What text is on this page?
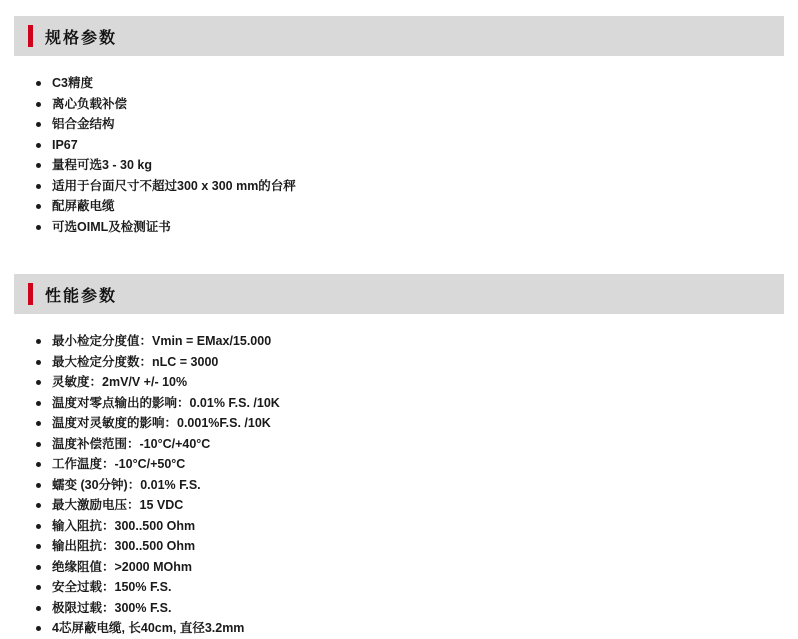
规格参数
C3精度
离心负载补偿
铝合金结构
IP67
量程可选3 - 30 kg
适用于台面尺寸不超过300 x 300 mm的台秤
配屏蔽电缆
可选OIML及检测证书
性能参数
最小检定分度值：Vmin = EMax/15.000
最大检定分度数：nLC = 3000
灵敏度：2mV/V +/- 10%
温度对零点输出的影响：0.01% F.S. /10K
温度对灵敏度的影响：0.001%F.S. /10K
温度补偿范围：-10°C/+40°C
工作温度：-10°C/+50°C
蠕变 (30分钟)：0.01% F.S.
最大激励电压：15 VDC
输入阻抗：300..500 Ohm
输出阻抗：300..500 Ohm
绝缘阻值：>2000 MOhm
安全过载：150% F.S.
极限过载：300% F.S.
4芯屏蔽电缆, 长40cm, 直径3.2mm
